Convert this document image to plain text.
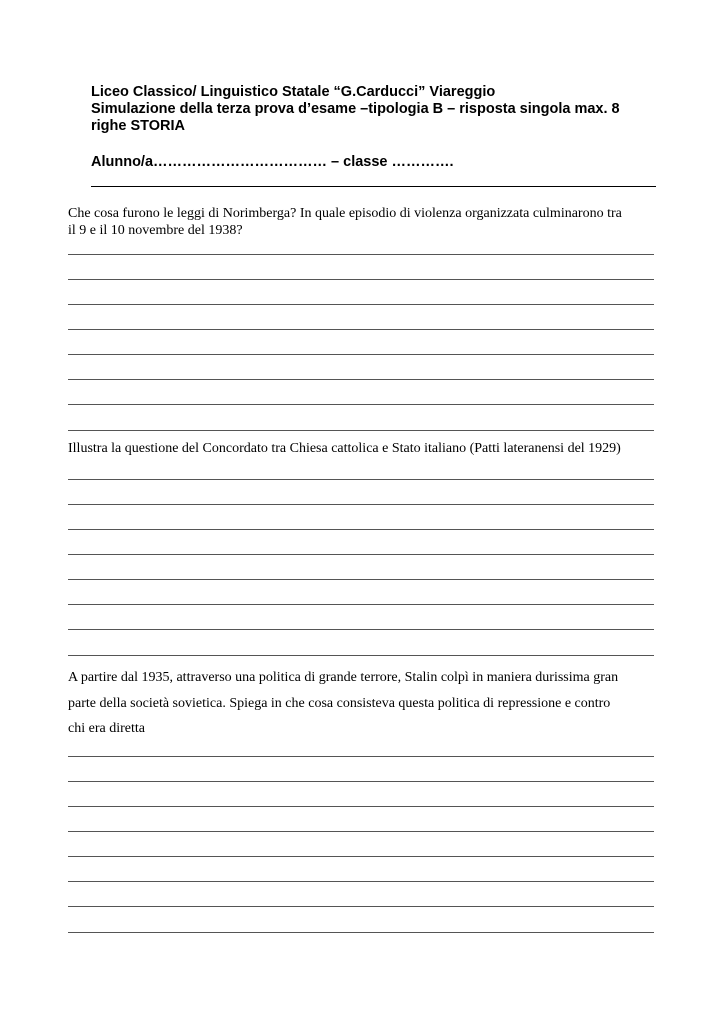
Liceo Classico/ Linguistico Statale “G.Carducci” Viareggio
Simulazione della terza prova d’esame –tipologia B – risposta singola max. 8
righe STORIA
Alunno/a……………………………… – classe ………….
Che cosa furono le leggi di Norimberga? In quale episodio di violenza organizzata culminarono tra
il 9 e il 10 novembre del 1938?
Illustra la questione del Concordato tra Chiesa cattolica e Stato italiano (Patti lateranensi del 1929)
A partire dal 1935, attraverso una politica di grande terrore, Stalin colpì in maniera durissima gran
parte della società sovietica. Spiega in che cosa consisteva questa politica di repressione e contro
chi era diretta
